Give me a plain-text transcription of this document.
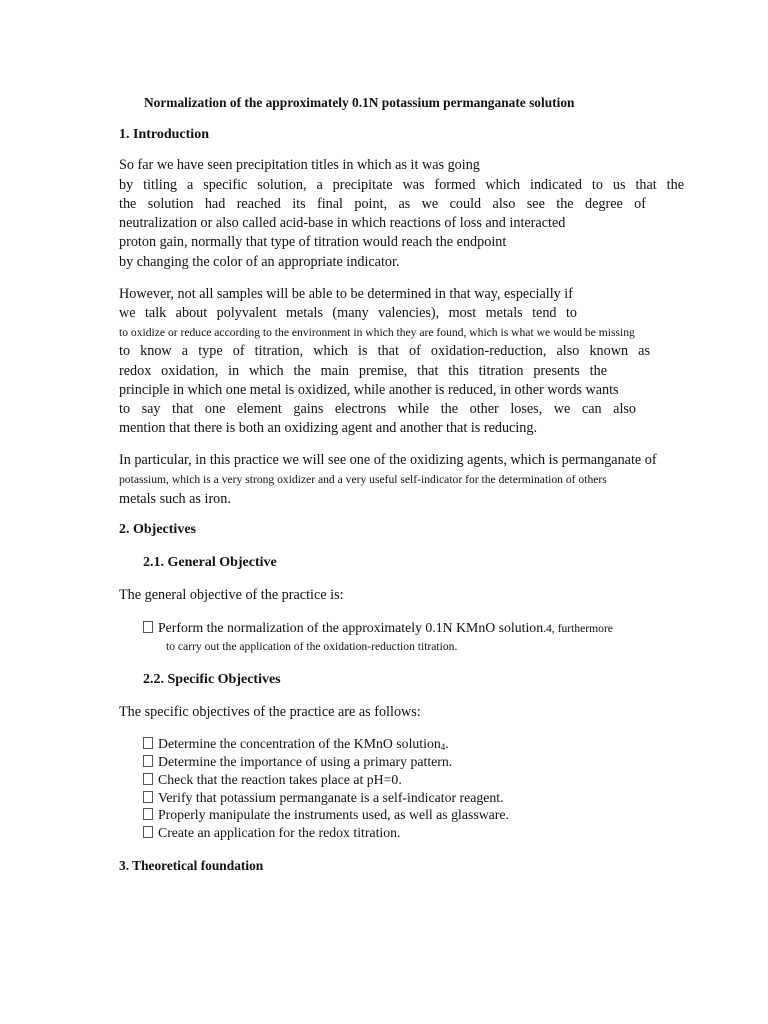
Normalization of the approximately 0.1N potassium permanganate solution
1. Introduction
So far we have seen precipitation titles in which as it was going
by titling a specific solution, a precipitate was formed which indicated to us that the
the solution had reached its final point, as we could also see the degree of
neutralization or also called acid-base in which reactions of loss and interacted
proton gain, normally that type of titration would reach the endpoint
by changing the color of an appropriate indicator.
However, not all samples will be able to be determined in that way, especially if
we talk about polyvalent metals (many valencies), most metals tend to
to oxidize or reduce according to the environment in which they are found, which is what we would be missing
to know a type of titration, which is that of oxidation-reduction, also known as
redox oxidation, in which the main premise, that this titration presents the
principle in which one metal is oxidized, while another is reduced, in other words wants
to say that one element gains electrons while the other loses, we can also
mention that there is both an oxidizing agent and another that is reducing.
In particular, in this practice we will see one of the oxidizing agents, which is permanganate of
potassium, which is a very strong oxidizer and a very useful self-indicator for the determination of others
metals such as iron.
2. Objectives
2.1. General Objective
The general objective of the practice is:
Perform the normalization of the approximately 0.1N KMnO solution.4, furthermore
to carry out the application of the oxidation-reduction titration.
2.2. Specific Objectives
The specific objectives of the practice are as follows:
Determine the concentration of the KMnO solution4.
Determine the importance of using a primary pattern.
Check that the reaction takes place at pH=0.
Verify that potassium permanganate is a self-indicator reagent.
Properly manipulate the instruments used, as well as glassware.
Create an application for the redox titration.
3. Theoretical foundation
